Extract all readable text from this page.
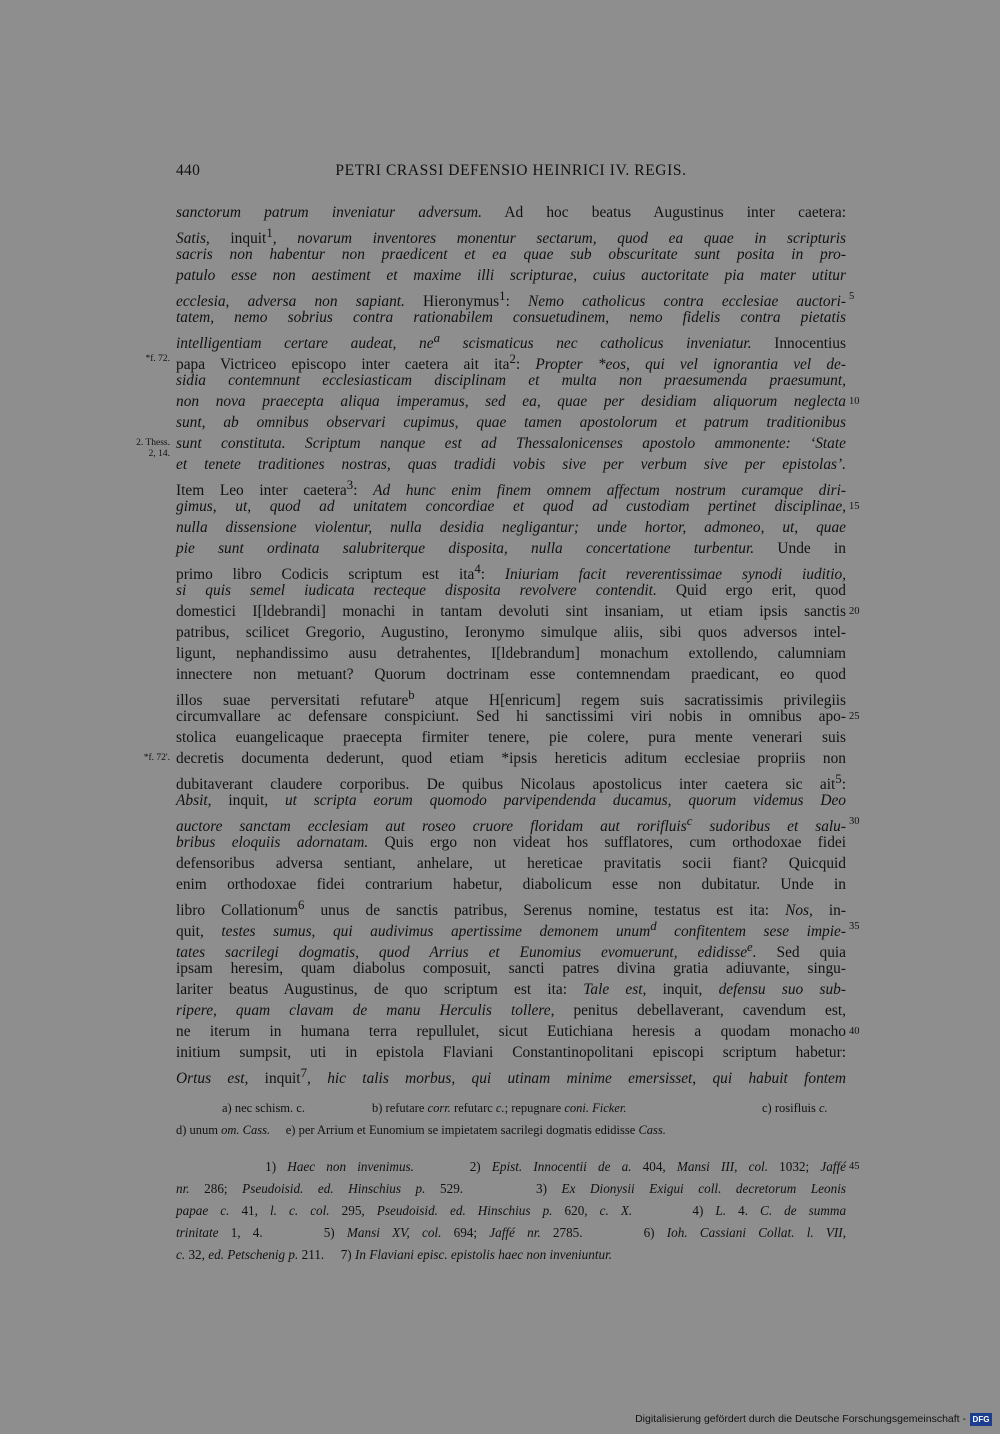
440	PETRI CRASSI DEFENSIO HEINRICI IV. REGIS.
sanctorum patrum inveniatur adversum. Ad hoc beatus Augustinus inter caetera:
Satis, inquit$^1$, novarum inventores monentur sectarum, quod ea quae in scripturis
sacris non habentur non praedicent et ea quae sub obscuritate sunt posita in pro-
patulo esse non aestiment et maxime illi scripturae, cuius auctoritate pia mater utitur
ecclesia, adversa non sapiant. Hieronymus$^1$: Nemo catholicus contra ecclesiae auctori- 5
tatem, nemo sobrius contra rationabilem consuetudinem, nemo fidelis contra pietatis
intelligentiam certare audeat, $ne^a$ scismaticus nec catholicus inveniatur. Innocentius
papa Victriceo episcopo inter caetera ait ita$^2$: Propter *eos, qui vel ignorantia vel de-
*f. 72.
sidia contemnunt ecclesiasticam disciplinam et multa non praesumenda praesumunt,
non nova praecepta aliqua imperamus, sed ea, quae per desidiam aliquorum neglecta 10
sunt, ab omnibus observari cupimus, quae tamen apostolorum et patrum traditionibus
sunt constituta. Scriptum nanque est ad Thessalonicenses apostolo ammonente: ‘State
2. Thess.
2, 14.
et tenete traditiones nostras, quas tradidi vobis sive per verbum sive per epistolas’.
Item Leo inter caetera$^3$: Ad hunc enim finem omnem affectum nostrum curamque diri-
gimus, ut, quod ad unitatem concordiae et quod ad custodiam pertinet disciplinae, 15
nulla dissensione violentur, nulla desidia negligantur; unde hortor, admoneo, ut, quae
pie sunt ordinata salubriterque disposita, nulla concertatione turbentur. Unde in
primo libro Codicis scriptum est ita$^4$: Iniuriam facit reverentissimae synodi iuditio,
si quis semel iudicata recteque disposita revolvere contendit. Quid ergo erit, quod
domestici I[ldebrandi] monachi in tantam devoluti sint insaniam, ut etiam ipsis sanctis 20
patribus, scilicet Gregorio, Augustino, Ieronymo simulque aliis, sibi quos adversos intel-
ligunt, nephandissimo ausu detrahentes, I[ldebrandum] monachum extollendo, calumniam
innectere non metuant? Quorum doctrinam esse contemnendam praedicant, eo quod
illos suae perversitati refutare$^b$ atque H[enricum] regem suis sacratissimis privilegiis
circumvallare ac defensare conspiciunt. Sed hi sanctissimi viri nobis in omnibus apo- 25
stolica euangelicaque praecepta firmiter tenere, pie colere, pura mente venerari suis
decretis documenta dederunt, quod etiam *ipsis hereticis aditum ecclesiae propriis non
*f. 72'.
dubitaverant claudere corporibus. De quibus Nicolaus apostolicus inter caetera sic ait$^5$:
Absit, inquit, ut scripta eorum quomodo parvipendenda ducamus, quorum videmus Deo
auctore sanctam ecclesiam aut roseo cruore floridam aut rorifluis$^c$ sudoribus et salu- 30
bribus eloquiis adornatam. Quis ergo non videat hos sufflatores, cum orthodoxae fidei
defensoribus adversa sentiant, anhelare, ut hereticae pravitatis socii fiant? Quicquid
enim orthodoxae fidei contrarium habetur, diabolicum esse non dubitatur. Unde in
libro Collationum$^6$ unus de sanctis patribus, Serenus nomine, testatus est ita: Nos, in-
quit, testes sumus, qui audivimus apertissime demonem unum$^d$ confitentem sese impie- 35
tates sacrilegi dogmatis, quod Arrius et Eunomius evomuerunt, edidisse$^e$. Sed quia
ipsam heresim, quam diabolus composuit, sancti patres divina gratia adiuvante, singu-
lariter beatus Augustinus, de quo scriptum est ita: Tale est, inquit, defensu suo sub-
ripere, quam clavam de manu Herculis tollere, penitus debellaverant, cavendum est,
ne iterum in humana terra repullulet, sicut Eutichiana heresis a quodam monacho 40
initium sumpsit, uti in epistola Flaviani Constantinopolitani episcopi scriptum habetur:
Ortus est, inquit$^7$, hic talis morbus, qui utinam minime emersisset, qui habuit fontem
a) nec schism. c.	b) refutare corr. refutarc c.; repugnare coni. Ficker.	c) rosifluis c.
d) unum om. Cass.     e) per Arrium et Eunomium se impietatem sacrilegi dogmatis edidisse Cass.
1) Haec non invenimus.     2) Epist. Innocentii de a. 404, Mansi III, col. 1032; Jaffé 45
nr. 286; Pseudoisid. ed. Hinschius p. 529.     3) Ex Dionysii Exigui coll. decretorum Leonis
papae c. 41, l. c. col. 295, Pseudoisid. ed. Hinschius p. 620, c. X.     4) L. 4. C. de summa
trinitate 1, 4.     5) Mansi XV, col. 694; Jaffé nr. 2785.     6) Ioh. Cassiani Collat. l. VII,
c. 32, ed. Petschenig p. 211.     7) In Flaviani episc. epistolis haec non inveniuntur.
Digitalisierung gefördert durch die Deutsche Forschungsgemeinschaft - DFG
